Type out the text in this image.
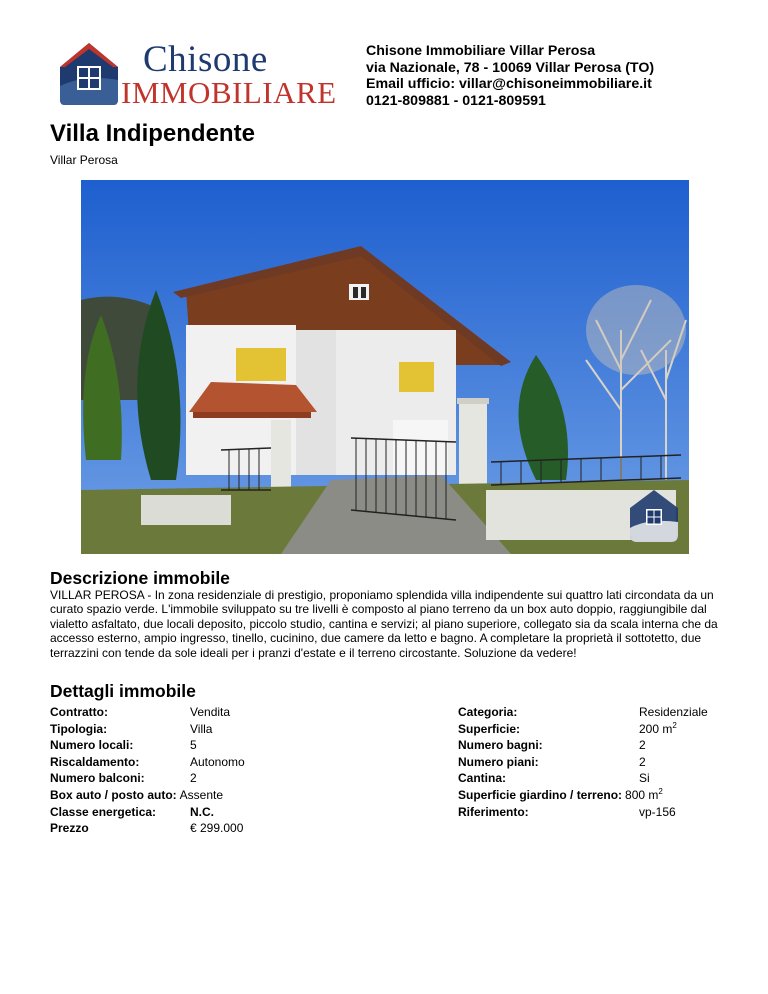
Chisone
IMMOBILIARE
Chisone Immobiliare Villar Perosa
via Nazionale, 78 - 10069 Villar Perosa (TO)
Email ufficio: villar@chisoneimmobiliare.it
0121-809881 - 0121-809591
Villa Indipendente
Villar Perosa
Descrizione immobile
VILLAR PEROSA - In zona residenziale di prestigio, proponiamo splendida villa indipendente sui quattro lati circondata da un curato spazio verde. L'immobile sviluppato su tre livelli è composto al piano terreno da un box auto doppio, raggiungibile dal vialetto asfaltato, due locali deposito, piccolo studio, cantina e servizi; al piano superiore, collegato sia da scala interna che da accesso esterno, ampio ingresso, tinello, cucinino, due camere da letto e bagno. A completare la proprietà il sottotetto, due terrazzini con tende da sole ideali per i pranzi d'estate e il terreno circostante. Soluzione da vedere!
Dettagli immobile
Contratto:	Vendita
Tipologia:	Villa
Numero locali:	5
Riscaldamento:	Autonomo
Numero balconi:	2
Box auto / posto auto: Assente
Classe energetica:	N.C.
Prezzo	€ 299.000
Categoria:	Residenziale
Superficie:	200 $m^2$
Numero bagni:	2
Numero piani:	2
Cantina:	Si
Superficie giardino / terreno: 800 $m^2$
Riferimento:	vp-156
